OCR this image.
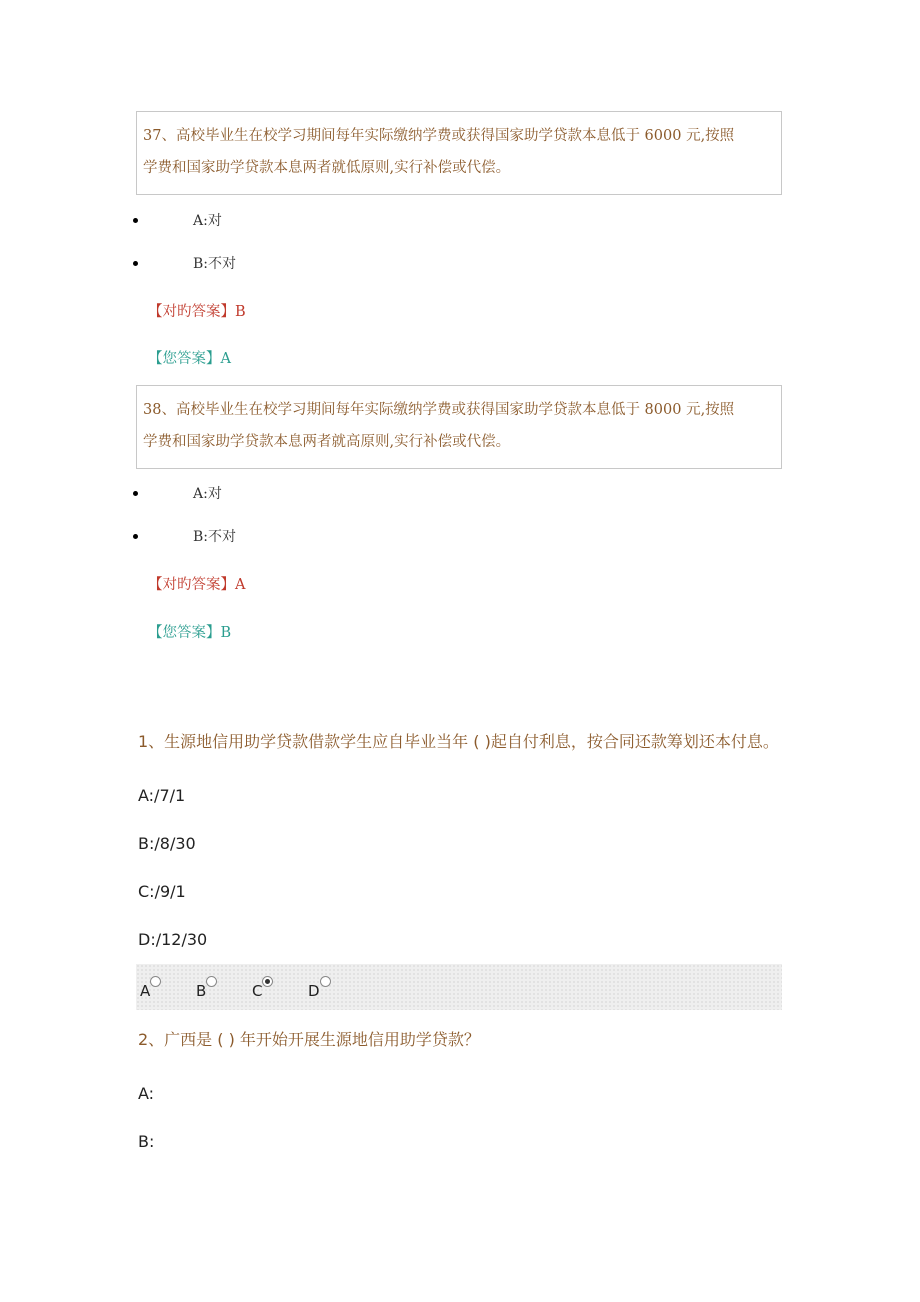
37、高校毕业生在校学习期间每年实际缴纳学费或获得国家助学贷款本息低于 6000 元,按照
学费和国家助学贷款本息两者就低原则,实行补偿或代偿。
A:对
B:不对
【对旳答案】B
【您答案】A
38、高校毕业生在校学习期间每年实际缴纳学费或获得国家助学贷款本息低于 8000 元,按照
学费和国家助学贷款本息两者就高原则,实行补偿或代偿。
A:对
B:不对
【对旳答案】A
【您答案】B
1、生源地信用助学贷款借款学生应自毕业当年 ( )起自付利息，按合同还款筹划还本付息。
A:/7/1
B:/8/30
C:/9/1
D:/12/30
A	B	C	D
2、广西是 ( ) 年开始开展生源地信用助学贷款？
A:
B:
